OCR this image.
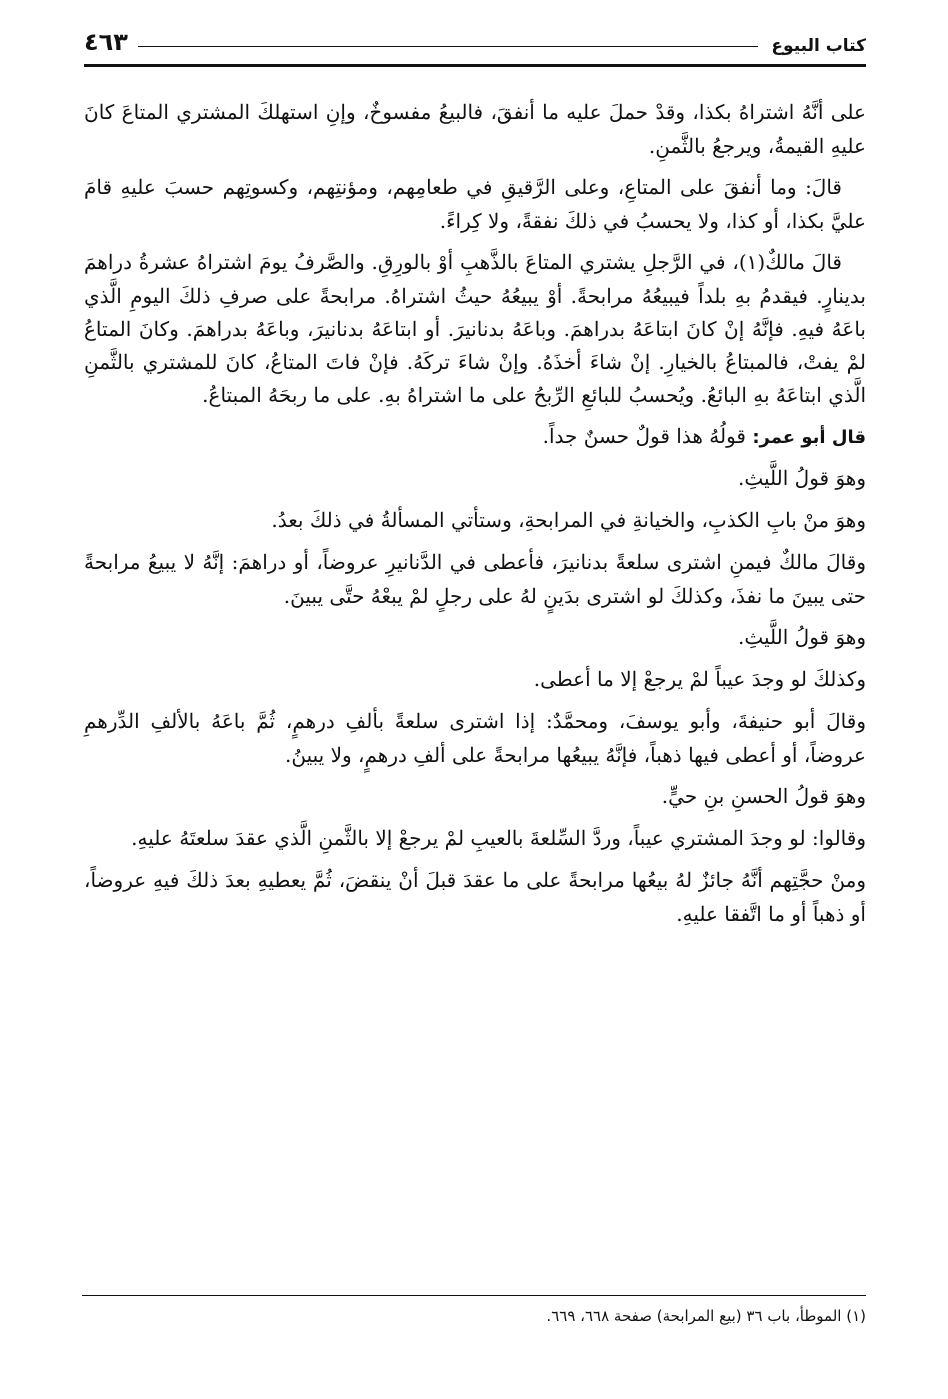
كتاب البيوع
٤٦٣

على أنَّهُ اشتراهُ بكذا، وقدْ حملَ عليه ما أنفقَ، فالبيعُ مفسوخٌ، وإنِ استهلكَ المشتري المتاعَ كانَ عليهِ القيمةُ، ويرجعُ بالثَّمنِ.

قالَ: وما أنفقَ على المتاعِ، وعلى الرَّقيقِ في طعامِهم، ومؤنتِهم، وكسوتِهم حسبَ عليهِ قامَ عليَّ بكذا، أو كذا، ولا يحسبُ في ذلكَ نفقةً، ولا كِراءً.

قالَ مالكٌ(١)، في الرَّجلِ يشتري المتاعَ بالذَّهبِ أوْ بالورِقِ. والصَّرفُ يومَ اشتراهُ عشرةُ دراهمَ بدينارٍ. فيقدمُ بهِ بلداً فيبيعُهُ مرابحةً. أوْ يبيعُهُ حيثُ اشتراهُ. مرابحةً على صرفِ ذلكَ اليومِ الَّذي باعَهُ فيهِ. فإنَّهُ إنْ كانَ ابتاعَهُ بدراهمَ. وباعَهُ بدنانيرَ. أو ابتاعَهُ بدنانيرَ، وباعَهُ بدراهمَ. وكانَ المتاعُ لمْ يفتْ، فالمبتاعُ بالخيارِ. إنْ شاءَ أخذَهُ. وإنْ شاءَ تركَهُ. فإنْ فاتَ المتاعُ، كانَ للمشتري بالثَّمنِ الَّذي ابتاعَهُ بهِ البائعُ. ويُحسبُ للبائعِ الرِّبحُ على ما اشتراهُ بهِ. على ما ربحَهُ المبتاعُ.

قال أبو عمر: قولُهُ هذا قولٌ حسنٌ جداً.

وهوَ قولُ اللَّيثِ.

وهوَ منْ بابِ الكذبِ، والخيانةِ في المرابحةِ، وستأتي المسألةُ في ذلكَ بعدُ.

وقالَ مالكٌ فيمنِ اشترى سلعةً بدنانيرَ، فأعطى في الدَّنانيرِ عروضاً، أو دراهمَ: إنَّهُ لا يبيعُ مرابحةً حتى يبينَ ما نفذَ، وكذلكَ لو اشترى بدَينٍ لهُ على رجلٍ لمْ يبعْهُ حتَّى يبينَ.

وهوَ قولُ اللَّيثِ.

وكذلكَ لو وجدَ عيباً لمْ يرجعْ إلا ما أعطى.

وقالَ أبو حنيفةَ، وأبو يوسفَ، ومحمَّدٌ: إذا اشترى سلعةً بألفِ درهمٍ، ثُمَّ باعَهُ بالألفِ الدِّرهمِ عروضاً، أو أعطى فيها ذهباً، فإنَّهُ يبيعُها مرابحةً على ألفِ درهمٍ، ولا يبينُ.

وهوَ قولُ الحسنِ بنِ حيٍّ.

وقالوا: لو وجدَ المشتري عيباً، وردَّ السِّلعةَ بالعيبِ لمْ يرجعْ إلا بالثَّمنِ الَّذي عقدَ سلعتَهُ عليهِ.

ومنْ حجَّتِهم أنَّهُ جائزٌ لهُ بيعُها مرابحةً على ما عقدَ قبلَ أنْ ينقضَ، ثُمَّ يعطيهِ بعدَ ذلكَ فيهِ عروضاً، أو ذهباً أو ما اتَّفقا عليهِ.

(١) الموطأ، باب ٣٦ (بيع المرابحة) صفحة ٦٦٨، ٦٦٩.
